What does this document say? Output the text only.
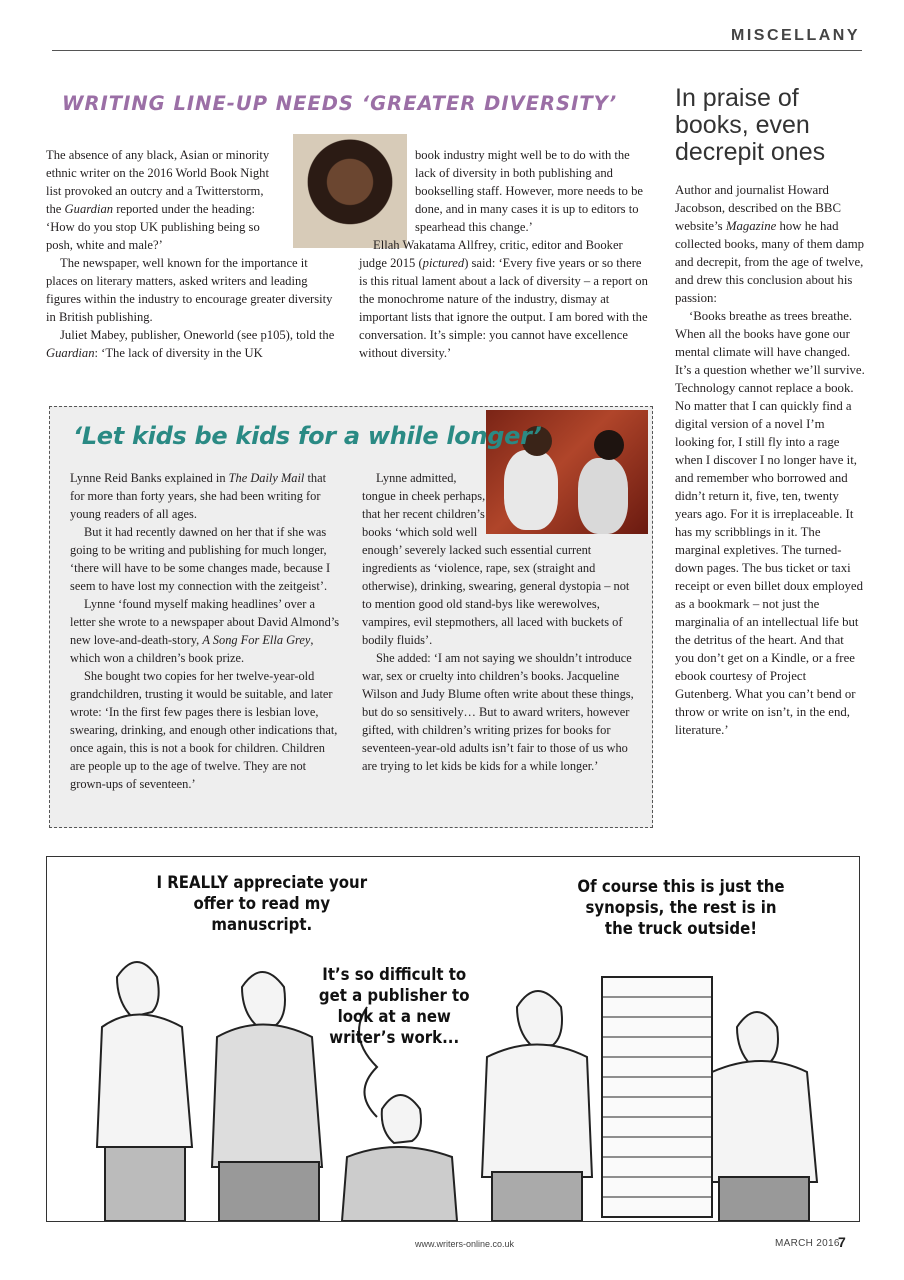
MISCELLANY
WRITING LINE-UP NEEDS ‘GREATER DIVERSITY’

The absence of any black, Asian or minority ethnic writer on the 2016 World Book Night list provoked an outcry and a Twitterstorm, the Guardian reported under the heading: ‘How do you stop UK publishing being so posh, white and male?’

The newspaper, well known for the importance it places on literary matters, asked writers and leading figures within the industry to encourage greater diversity in British publishing.

Juliet Mabey, publisher, Oneworld (see p105), told the Guardian: ‘The lack of diversity in the UK

book industry might well be to do with the lack of diversity in both publishing and bookselling staff. However, more needs to be done, and in many cases it is up to editors to spearhead this change.’

Ellah Wakatama Allfrey, critic, editor and Booker judge 2015 (pictured) said: ‘Every five years or so there is this ritual lament about a lack of diversity – a report on the monochrome nature of the industry, dismay at important lists that ignore the output. I am bored with the conversation. It’s simple: you cannot have excellence without diversity.’

In praise of books, even decrepit ones

Author and journalist Howard Jacobson, described on the BBC website’s Magazine how he had collected books, many of them damp and decrepit, from the age of twelve, and drew this conclusion about his passion:

‘Books breathe as trees breathe. When all the books have gone our mental climate will have changed. It’s a question whether we’ll survive. Technology cannot replace a book. No matter that I can quickly find a digital version of a novel I’m looking for, I still fly into a rage when I discover I no longer have it, and remember who borrowed and didn’t return it, five, ten, twenty years ago. For it is irreplaceable. It has my scribblings in it. The marginal expletives. The turned-down pages. The bus ticket or taxi receipt or even billet doux employed as a bookmark – not just the marginalia of an intellectual life but the detritus of the heart. And that you don’t get on a Kindle, or a free ebook courtesy of Project Gutenberg. What you can’t bend or throw or write on isn’t, in the end, literature.’

‘Let kids be kids for a while longer’

Lynne Reid Banks explained in The Daily Mail that for more than forty years, she had been writing for young readers of all ages.

But it had recently dawned on her that if she was going to be writing and publishing for much longer, ‘there will have to be some changes made, because I seem to have lost my connection with the zeitgeist’.

Lynne ‘found myself making headlines’ over a letter she wrote to a newspaper about David Almond’s new love-and-death-story, A Song For Ella Grey, which won a children’s book prize.

She bought two copies for her twelve-year-old grandchildren, trusting it would be suitable, and later wrote: ‘In the first few pages there is lesbian love, swearing, drinking, and enough other indications that, once again, this is not a book for children. Children are people up to the age of twelve. They are not grown-ups of seventeen.’

Lynne admitted, tongue in cheek perhaps, that her recent children’s books ‘which sold well enough’ severely lacked such essential current ingredients as ‘violence, rape, sex (straight and otherwise), drinking, swearing, general dystopia – not to mention good old stand-bys like werewolves, vampires, evil stepmothers, all laced with buckets of bodily fluids’.

She added: ‘I am not saying we shouldn’t introduce war, sex or cruelty into children’s books. Jacqueline Wilson and Judy Blume often write about these things, but do so sensitively… But to award writers, however gifted, with children’s writing prizes for books for seventeen-year-old adults isn’t fair to those of us who are trying to let kids be kids for a while longer.’

I REALLY appreciate your offer to read my manuscript.
It’s so difficult to get a publisher to look at a new writer’s work...
Of course this is just the synopsis, the rest is in the truck outside!
www.writers-online.co.uk	MARCH 2016
7
